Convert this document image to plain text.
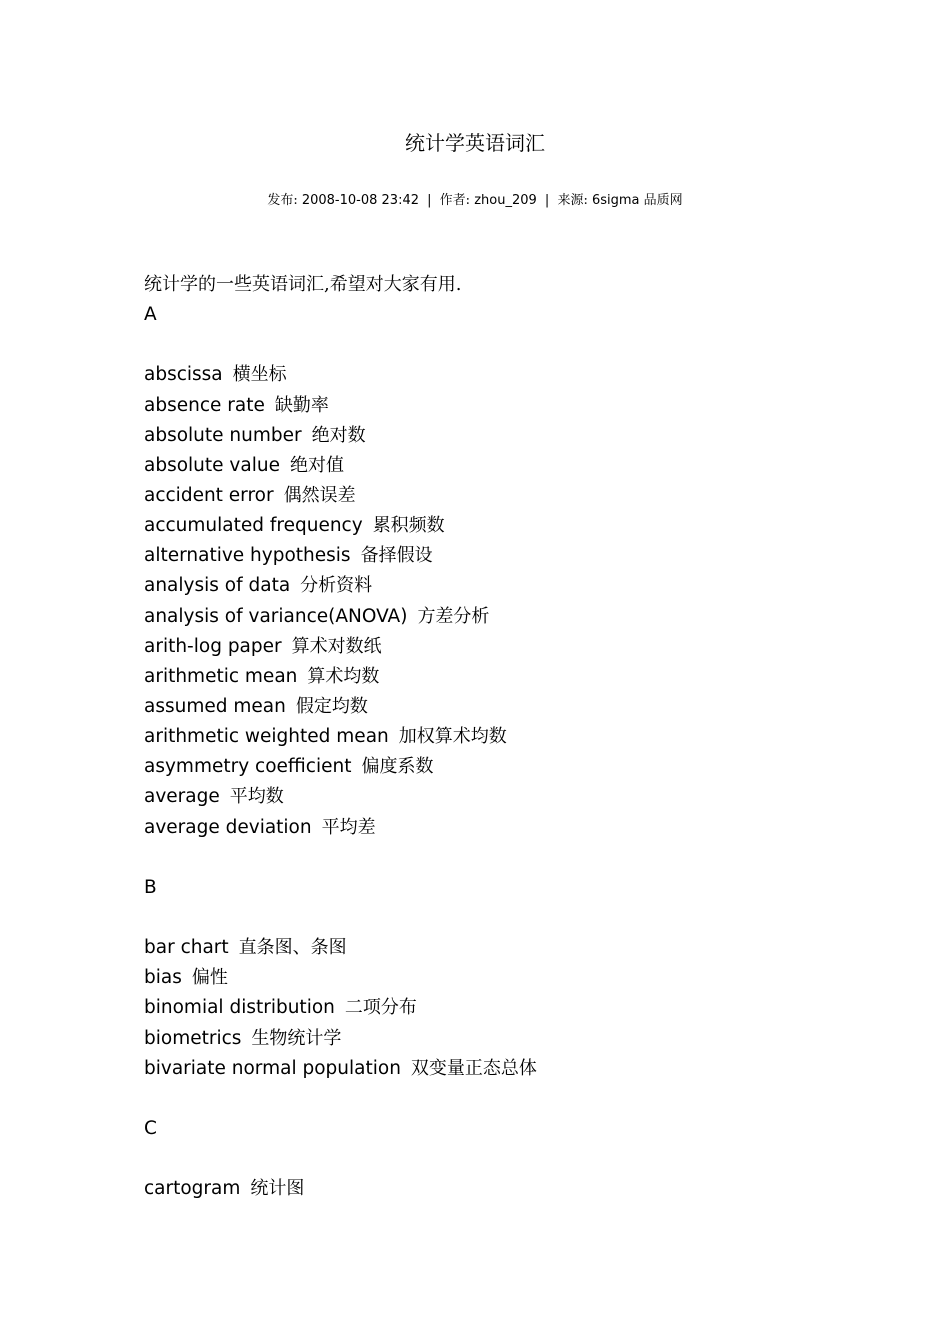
统计学英语词汇
发布: 2008-10-08 23:42 | 作者: zhou_209 | 来源: 6sigma 品质网
统计学的一些英语词汇,希望对大家有用.
A
abscissa 横坐标
absence rate 缺勤率
absolute number 绝对数
absolute value 绝对值
accident error 偶然误差
accumulated frequency 累积频数
alternative hypothesis 备择假设
analysis of data 分析资料
analysis of variance(ANOVA) 方差分析
arith-log paper 算术对数纸
arithmetic mean 算术均数
assumed mean 假定均数
arithmetic weighted mean 加权算术均数
asymmetry coefficient 偏度系数
average 平均数
average deviation 平均差
B
bar chart 直条图、条图
bias 偏性
binomial distribution 二项分布
biometrics 生物统计学
bivariate normal population 双变量正态总体
C
cartogram 统计图
